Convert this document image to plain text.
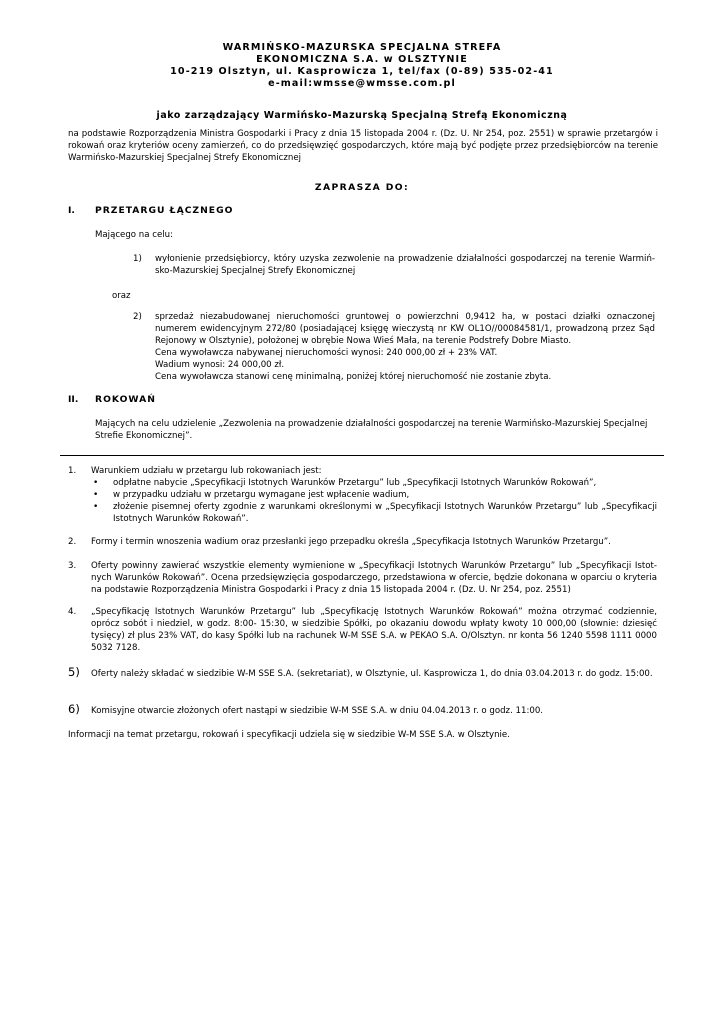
WARMIŃSKO-MAZURSKA SPECJALNA STREFA
EKONOMICZNA S.A. w OLSZTYNIE
10-219 Olsztyn, ul. Kasprowicza 1, tel/fax (0-89) 535-02-41
e-mail:wmsse@wmsse.com.pl
jako zarządzający Warmińsko-Mazurską Specjalną Strefą Ekonomiczną
na podstawie Rozporządzenia Ministra Gospodarki i Pracy z dnia 15 listopada 2004 r. (Dz. U. Nr 254, poz. 2551) w sprawie przetargów i rokowań oraz kryteriów oceny zamierzeń, co do przedsięwzięć gospodarczych, które mają być podjęte przez przedsiębiorców na terenie Warmińsko-Mazurskiej Specjalnej Strefy Ekonomicznej
ZAPRASZA DO:
I. PRZETARGU ŁĄCZNEGO
Mającego na celu:
1) wyłonienie przedsiębiorcy, który uzyska zezwolenie na prowadzenie działalności gospodarczej na terenie Warmiń-sko-Mazurskiej Specjalnej Strefy Ekonomicznej
oraz
2) sprzedaż niezabudowanej nieruchomości gruntowej o powierzchni 0,9412 ha, w postaci działki oznaczonej numerem ewidencyjnym 272/80 (posiadającej księgę wieczystą nr KW OL1O//00084581/1, prowadzoną przez Sąd Rejonowy w Olsztynie), położonej w obrębie Nowa Wieś Mała, na terenie Podstrefy Dobre Miasto.
Cena wywoławcza nabywanej nieruchomości wynosi: 240 000,00 zł + 23% VAT.
Wadium wynosi: 24 000,00 zł.
Cena wywoławcza stanowi cenę minimalną, poniżej której nieruchomość nie zostanie zbyta.
II. ROKOWAŃ
Mających na celu udzielenie „Zezwolenia na prowadzenie działalności gospodarczej na terenie Warmińsko-Mazurskiej Specjalnej Strefie Ekonomicznej”.
1. Warunkiem udziału w przetargu lub rokowaniach jest:
• odpłatne nabycie „Specyfikacji Istotnych Warunków Przetargu” lub „Specyfikacji Istotnych Warunków Rokowań”,
• w przypadku udziału w przetargu wymagane jest wpłacenie wadium,
• złożenie pisemnej oferty zgodnie z warunkami określonymi w „Specyfikacji Istotnych Warunków Przetargu” lub „Specyfikacji Istotnych Warunków Rokowań”.
2. Formy i termin wnoszenia wadium oraz przesłanki jego przepadku określa „Specyfikacja Istotnych Warunków Przetargu”.
3. Oferty powinny zawierać wszystkie elementy wymienione w „Specyfikacji Istotnych Warunków Przetargu” lub „Specyfikacji Istot-nych Warunków Rokowań”. Ocena przedsięwzięcia gospodarczego, przedstawiona w ofercie, będzie dokonana w oparciu o kryteria na podstawie Rozporządzenia Ministra Gospodarki i Pracy z dnia 15 listopada 2004 r. (Dz. U. Nr 254, poz. 2551)
4. „Specyfikację Istotnych Warunków Przetargu” lub „Specyfikację Istotnych Warunków Rokowań” można otrzymać codziennie, oprócz sobót i niedziel, w godz. 8:00- 15:30, w siedzibie Spółki, po okazaniu dowodu wpłaty kwoty 10 000,00 (słownie: dziesięć tysięcy) zł plus 23% VAT, do kasy Spółki lub na rachunek W-M SSE S.A. w PEKAO S.A. O/Olsztyn. nr konta 56 1240 5598 1111 0000 5032 7128.
5) Oferty należy składać w siedzibie W-M SSE S.A. (sekretariat), w Olsztynie, ul. Kasprowicza 1, do dnia 03.04.2013 r. do godz. 15:00.
6) Komisyjne otwarcie złożonych ofert nastąpi w siedzibie W-M SSE S.A. w dniu 04.04.2013 r. o godz. 11:00.
Informacji na temat przetargu, rokowań i specyfikacji udziela się w siedzibie W-M SSE S.A. w Olsztynie.
